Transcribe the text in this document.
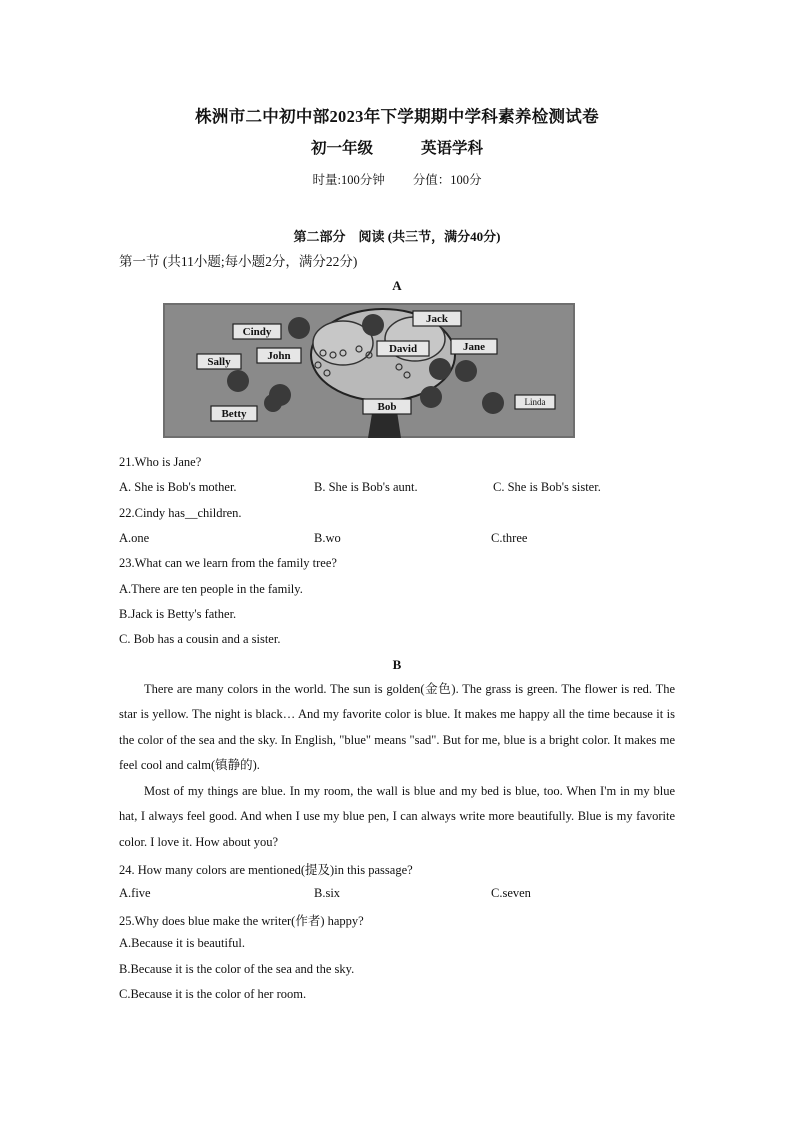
株洲市二中初中部2023年下学期期中学科素养检测试卷
初一年级	英语学科
时量:100分钟 分值：100分
第二部分　阅读 (共三节，满分40分)
第一节 (共11小题;每小题2分，满分22分)
A
Cindy
Jack
Sally	John
David	Jane
Bob
Betty
Linda
21.Who is Jane?
A. She is Bob's mother.	B. She is Bob's aunt.	C. She is Bob's sister.
22.Cindy has__children.
A.one	B.wo	C.three
23.What can we learn from the family tree?
A.There are ten people in the family.
B.Jack is Betty's father.
C. Bob has a cousin and a sister.
B
There are many colors in the world. The sun is golden(金色). The grass is green. The flower is red. The star is yellow. The night is black… And my favorite color is blue. It makes me happy all the time because it is the color of the sea and the sky. In English, "blue" means "sad". But for me, blue is a bright color. It makes me feel cool and calm(镇静的).
Most of my things are blue. In my room, the wall is blue and my bed is blue, too. When I'm in my blue hat, I always feel good. And when I use my blue pen, I can always write more beautifully. Blue is my favorite color. I love it. How about you?
24. How many colors are mentioned(提及)in this passage?
A.five	B.six	C.seven
25.Why does blue make the writer(作者) happy?
A.Because it is beautiful.
B.Because it is the color of the sea and the sky.
C.Because it is the color of her room.
